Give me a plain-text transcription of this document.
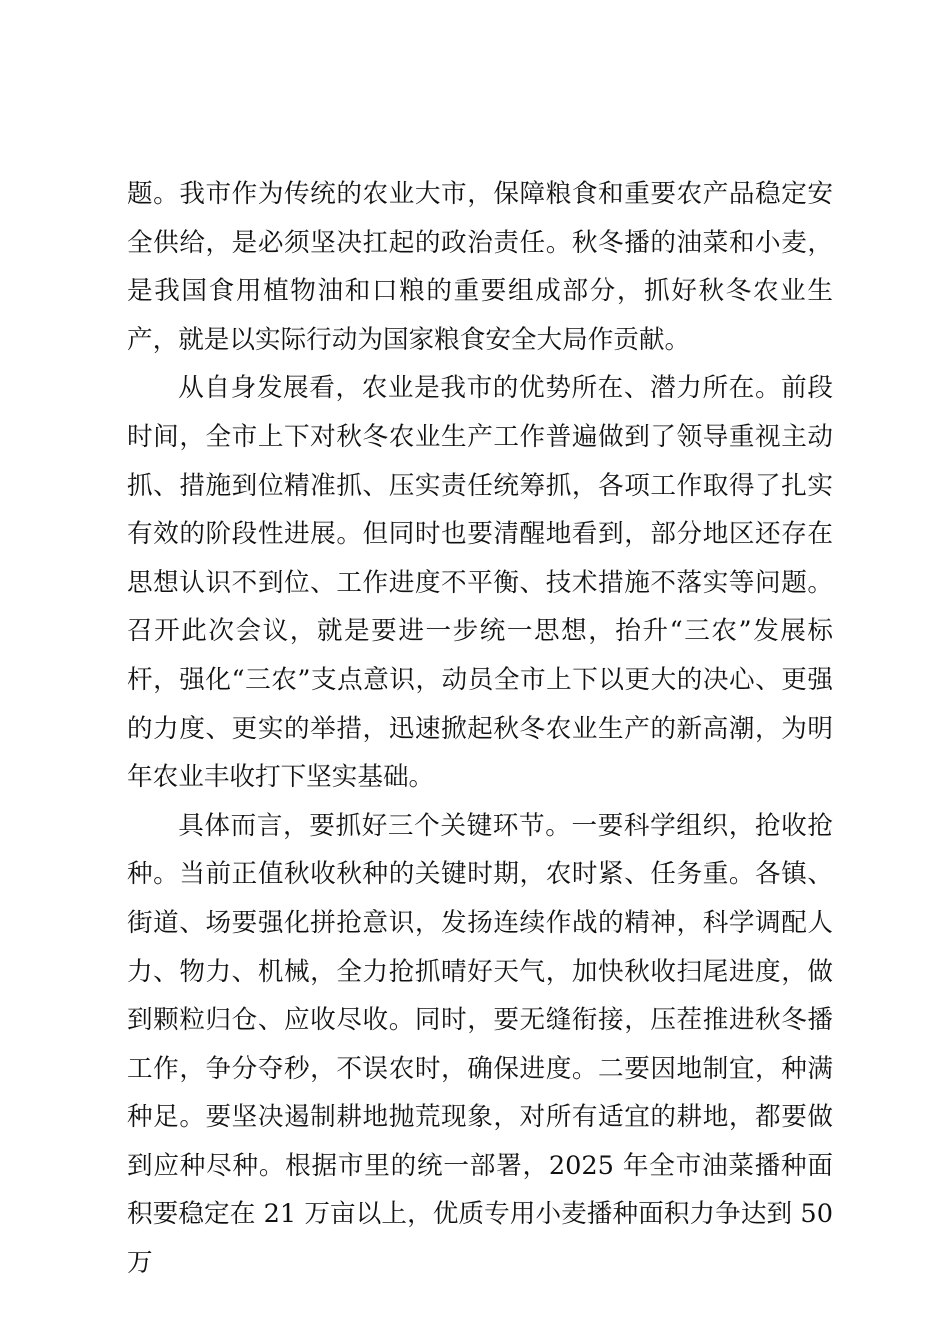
题。我市作为传统的农业大市，保障粮食和重要农产品稳定安全供给，是必须坚决扛起的政治责任。秋冬播的油菜和小麦，是我国食用植物油和口粮的重要组成部分，抓好秋冬农业生产，就是以实际行动为国家粮食安全大局作贡献。

从自身发展看，农业是我市的优势所在、潜力所在。前段时间，全市上下对秋冬农业生产工作普遍做到了领导重视主动抓、措施到位精准抓、压实责任统筹抓，各项工作取得了扎实有效的阶段性进展。但同时也要清醒地看到，部分地区还存在思想认识不到位、工作进度不平衡、技术措施不落实等问题。召开此次会议，就是要进一步统一思想，抬升“三农”发展标杆，强化“三农”支点意识，动员全市上下以更大的决心、更强的力度、更实的举措，迅速掀起秋冬农业生产的新高潮，为明年农业丰收打下坚实基础。

具体而言，要抓好三个关键环节。一要科学组织，抢收抢种。当前正值秋收秋种的关键时期，农时紧、任务重。各镇、街道、场要强化拼抢意识，发扬连续作战的精神，科学调配人力、物力、机械，全力抢抓晴好天气，加快秋收扫尾进度，做到颗粒归仓、应收尽收。同时，要无缝衔接，压茬推进秋冬播工作，争分夺秒，不误农时，确保进度。二要因地制宜，种满种足。要坚决遏制耕地抛荒现象，对所有适宜的耕地，都要做到应种尽种。根据市里的统一部署，2025 年全市油菜播种面积要稳定在 21 万亩以上，优质专用小麦播种面积力争达到 50 万
